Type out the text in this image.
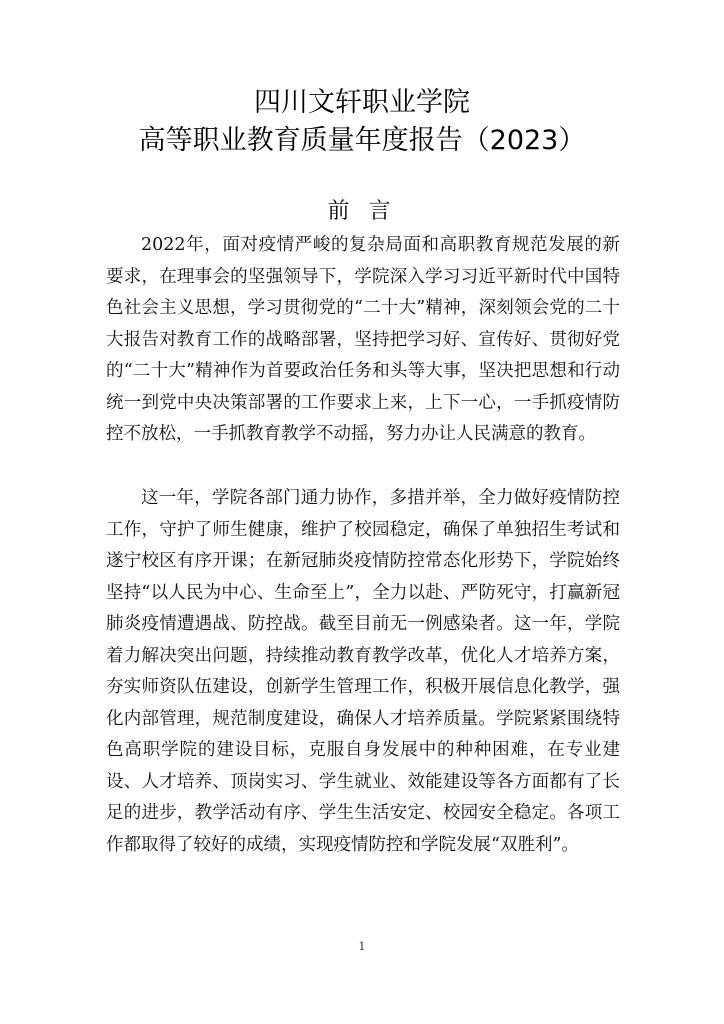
四川文轩职业学院
高等职业教育质量年度报告（2023）
前 言

2022年，面对疫情严峻的复杂局面和高职教育规范发展的新要求，在理事会的坚强领导下，学院深入学习习近平新时代中国特色社会主义思想，学习贯彻党的“二十大”精神，深刻领会党的二十大报告对教育工作的战略部署，坚持把学习好、宣传好、贯彻好党的“二十大”精神作为首要政治任务和头等大事，坚决把思想和行动统一到党中央决策部署的工作要求上来，上下一心，一手抓疫情防控不放松，一手抓教育教学不动摇，努力办让人民满意的教育。

这一年，学院各部门通力协作，多措并举，全力做好疫情防控工作，守护了师生健康，维护了校园稳定，确保了单独招生考试和遂宁校区有序开课；在新冠肺炎疫情防控常态化形势下，学院始终坚持“以人民为中心、生命至上”，全力以赴、严防死守，打赢新冠肺炎疫情遭遇战、防控战。截至目前无一例感染者。这一年，学院着力解决突出问题，持续推动教育教学改革，优化人才培养方案，夯实师资队伍建设，创新学生管理工作，积极开展信息化教学，强化内部管理，规范制度建设，确保人才培养质量。学院紧紧围绕特色高职学院的建设目标，克服自身发展中的种种困难，在专业建设、人才培养、顶岗实习、学生就业、效能建设等各方面都有了长足的进步，教学活动有序、学生生活安定、校园安全稳定。各项工作都取得了较好的成绩，实现疫情防控和学院发展“双胜利”。

1
